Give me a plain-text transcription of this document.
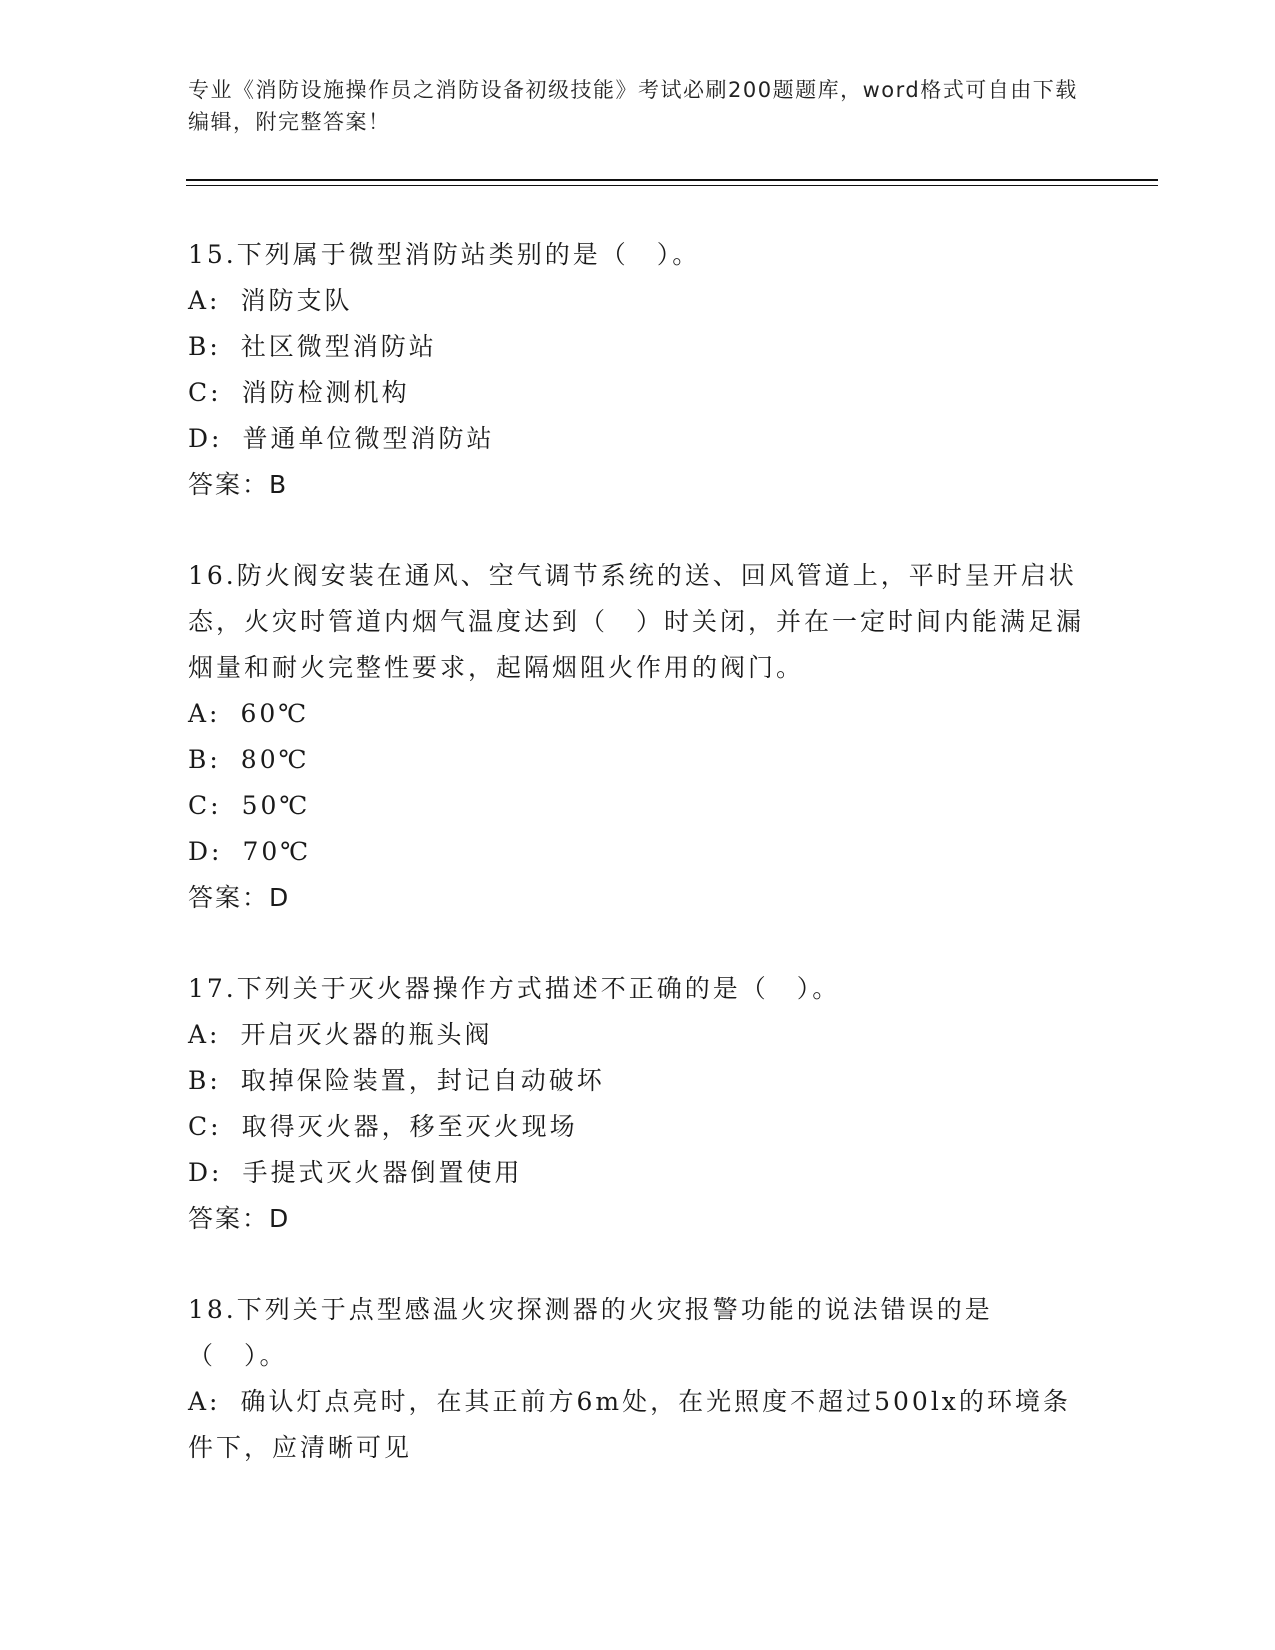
专业《消防设施操作员之消防设备初级技能》考试必刷200题题库，word格式可自由下载编辑，附完整答案！
15.下列属于微型消防站类别的是（　）。
A: 消防支队
B: 社区微型消防站
C: 消防检测机构
D: 普通单位微型消防站
答案：B
16.防火阀安装在通风、空气调节系统的送、回风管道上，平时呈开启状态，火灾时管道内烟气温度达到（　）时关闭，并在一定时间内能满足漏烟量和耐火完整性要求，起隔烟阻火作用的阀门。
A: 60℃
B: 80℃
C: 50℃
D: 70℃
答案：D
17.下列关于灭火器操作方式描述不正确的是（　）。
A: 开启灭火器的瓶头阀
B: 取掉保险装置，封记自动破坏
C: 取得灭火器，移至灭火现场
D: 手提式灭火器倒置使用
答案：D
18.下列关于点型感温火灾探测器的火灾报警功能的说法错误的是（　）。
A: 确认灯点亮时，在其正前方6m处，在光照度不超过500lx的环境条件下，应清晰可见
